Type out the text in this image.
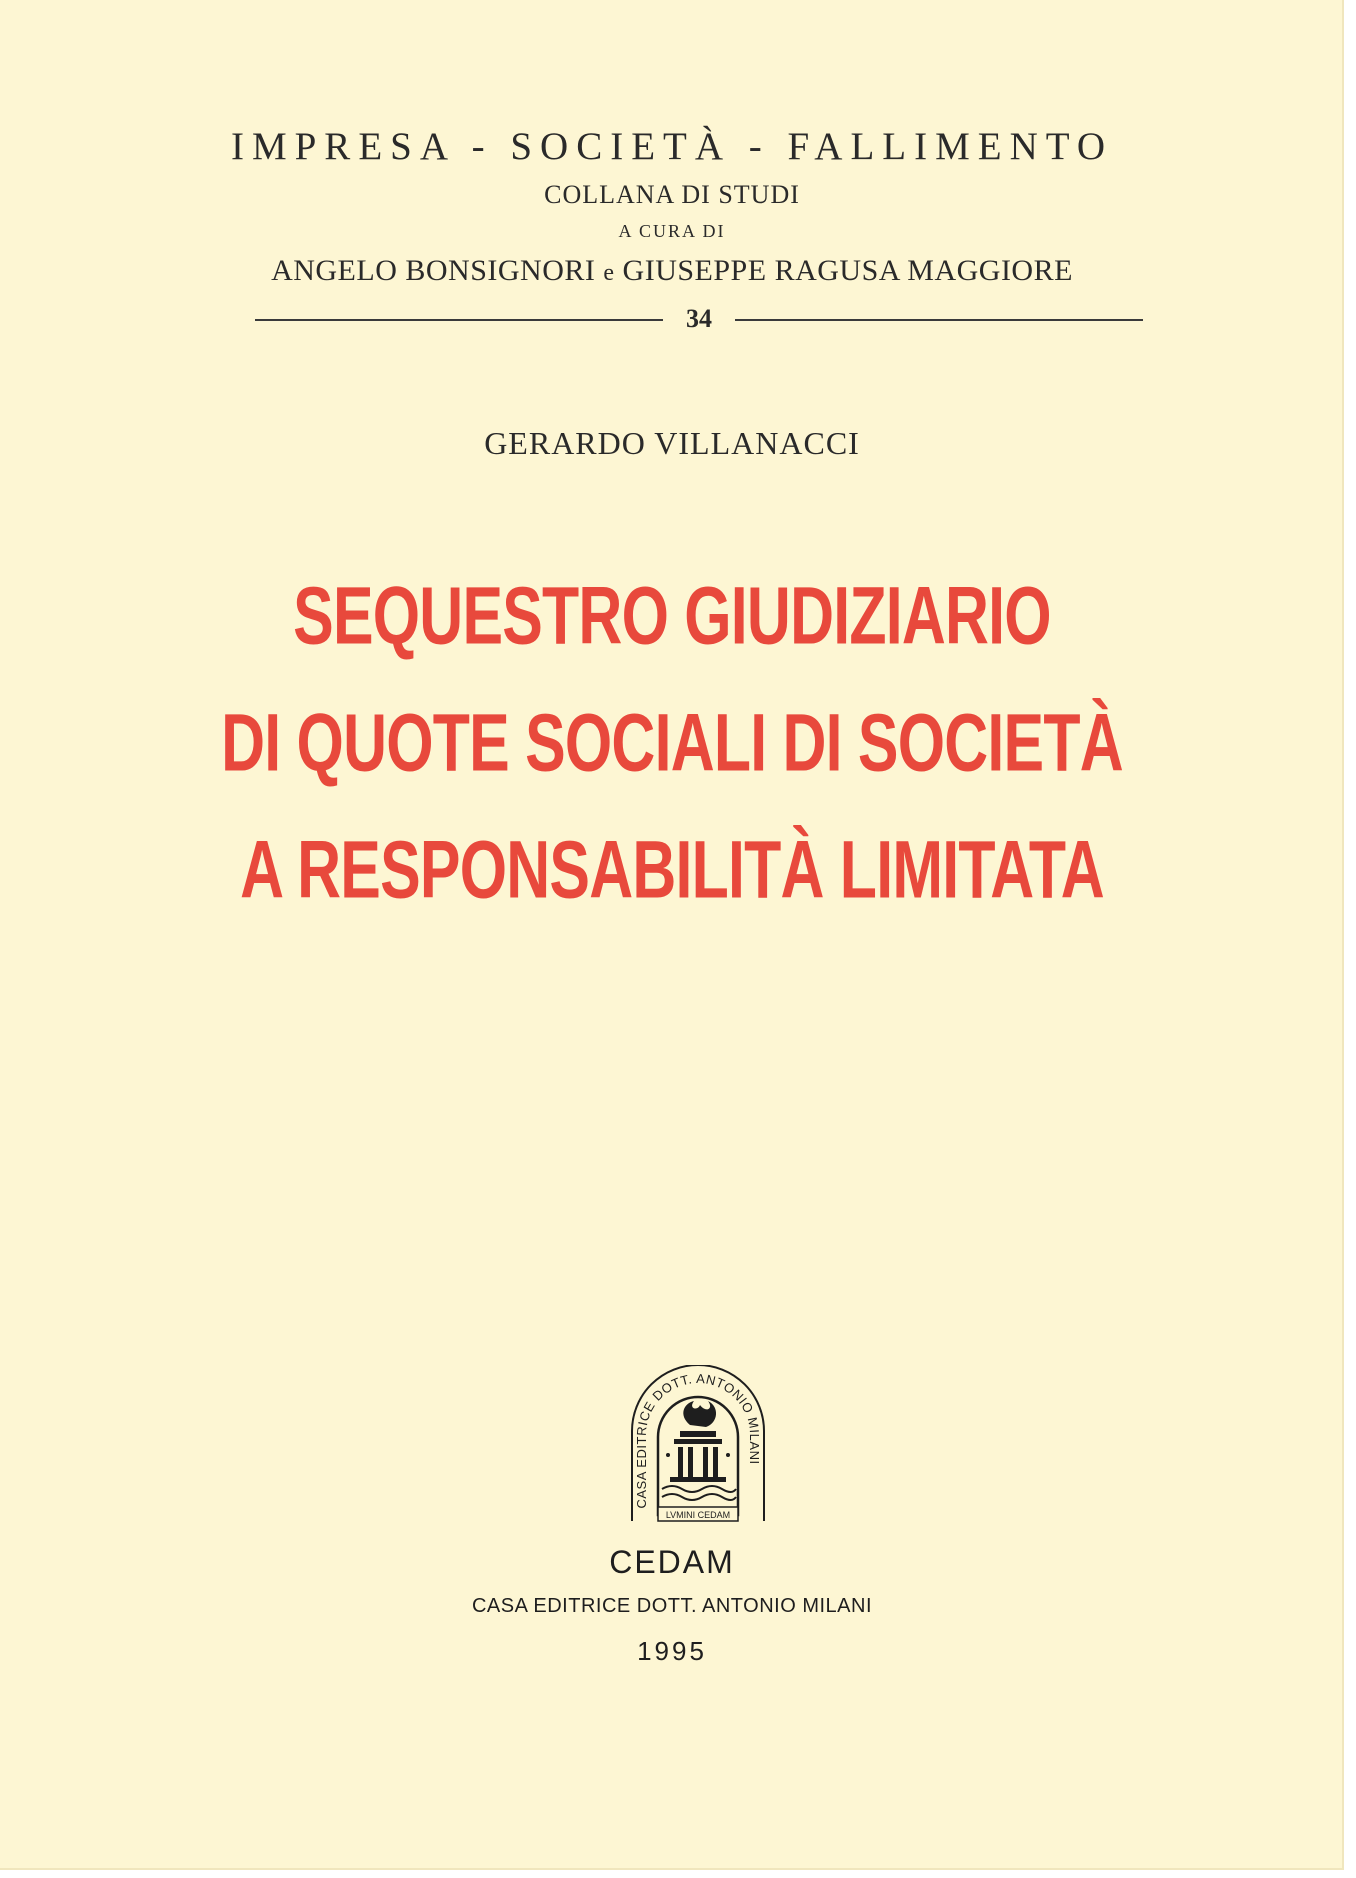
IMPRESA - SOCIETÀ - FALLIMENTO
COLLANA DI STUDI
A CURA DI
ANGELO BONSIGNORI e GIUSEPPE RAGUSA MAGGIORE
34
GERARDO VILLANACCI
SEQUESTRO GIUDIZIARIO
DI QUOTE SOCIALI DI SOCIETÀ
A RESPONSABILITÀ LIMITATA
CASA EDITRICE DOTT. ANTONIO MILANI
LVMINI CEDAM
CEDAM
CASA EDITRICE DOTT. ANTONIO MILANI
1995
